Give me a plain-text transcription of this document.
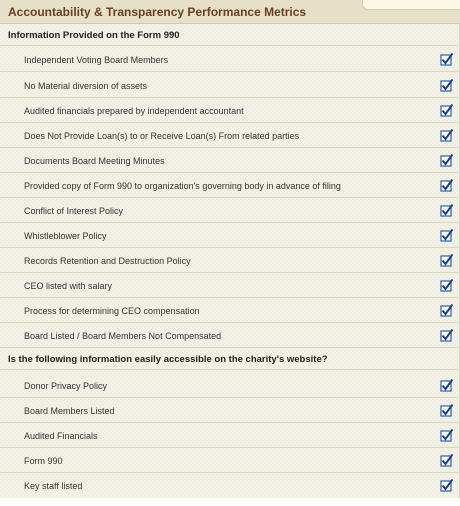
Accountability & Transparency Performance Metrics
Information Provided on the Form 990
Independent Voting Board Members
No Material diversion of assets
Audited financials prepared by independent accountant
Does Not Provide Loan(s) to or Receive Loan(s) From related parties
Documents Board Meeting Minutes
Provided copy of Form 990 to organization's governing body in advance of filing
Conflict of Interest Policy
Whistleblower Policy
Records Retention and Destruction Policy
CEO listed with salary
Process for determining CEO compensation
Board Listed / Board Members Not Compensated
Is the following information easily accessible on the charity's website?
Donor Privacy Policy
Board Members Listed
Audited Financials
Form 990
Key staff listed
